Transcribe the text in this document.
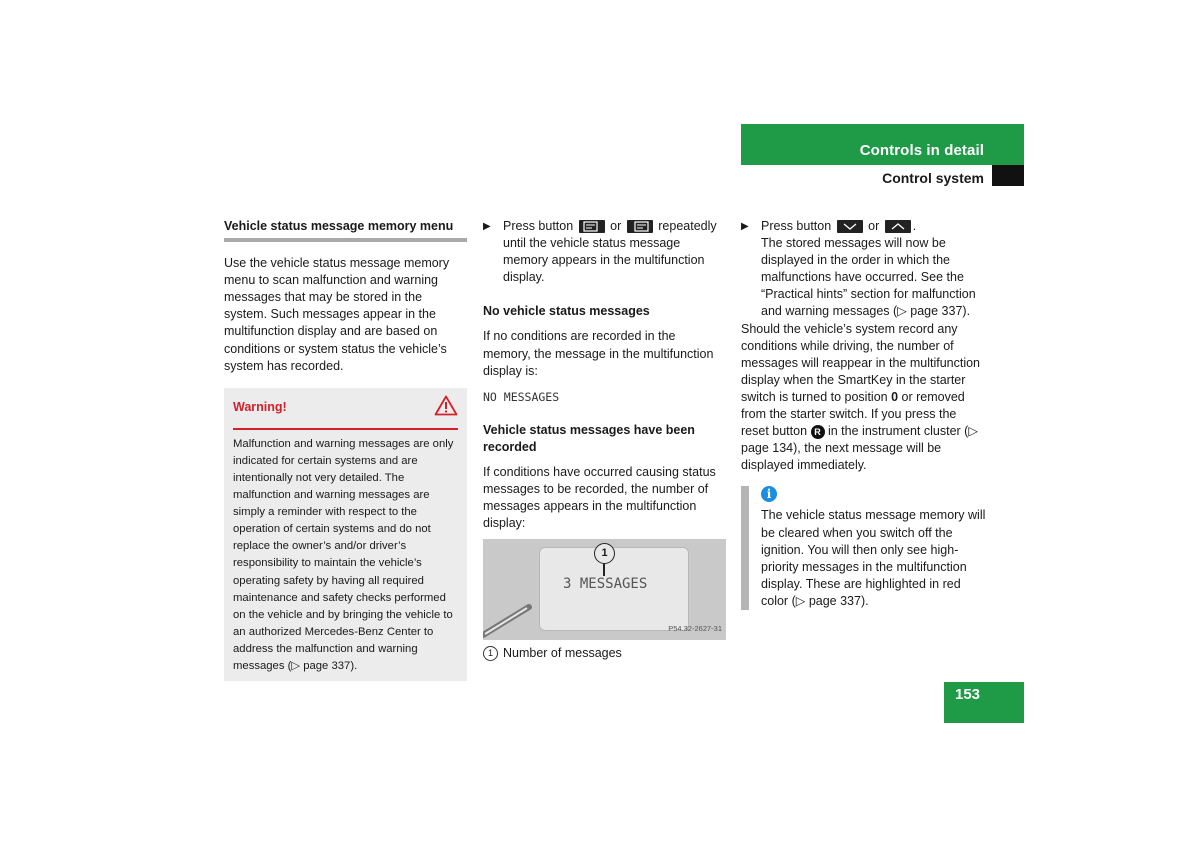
Controls in detail
Control system
Vehicle status message memory menu

Use the vehicle status message memory menu to scan malfunction and warning messages that may be stored in the system. Such messages appear in the multifunction display and are based on conditions or system status the vehicle’s system has recorded.

Warning!
Malfunction and warning messages are only indicated for certain systems and are intentionally not very detailed. The malfunction and warning messages are simply a reminder with respect to the operation of certain systems and do not replace the owner’s and/or driver’s responsibility to maintain the vehicle’s operating safety by having all required maintenance and safety checks performed on the vehicle and by bringing the vehicle to an authorized Mercedes-Benz Center to address the malfunction and warning messages (▷ page 337).
▶ Press button	or	repeatedly until the vehicle status message memory appears in the multifunction display.
No vehicle status messages

If no conditions are recorded in the memory, the message in the multifunction display is:

NO MESSAGES
Vehicle status messages have been recorded

If conditions have occurred causing status messages to be recorded, the number of messages appears in the multifunction display:

3 MESSAGES
1
P54.32-2627-31
1 Number of messages
▶ Press button	or	.

The stored messages will now be displayed in the order in which the malfunctions have occurred. See the “Practical hints” section for malfunction and warning messages (▷ page 337).

Should the vehicle’s system record any conditions while driving, the number of messages will reappear in the multifunction display when the SmartKey in the starter switch is turned to position 0 or removed from the starter switch. If you press the reset button R in the instrument cluster (▷ page 134), the next message will be displayed immediately.

i

The vehicle status message memory will be cleared when you switch off the ignition. You will then only see high-priority messages in the multifunction display. These are highlighted in red color (▷ page 337).

153
